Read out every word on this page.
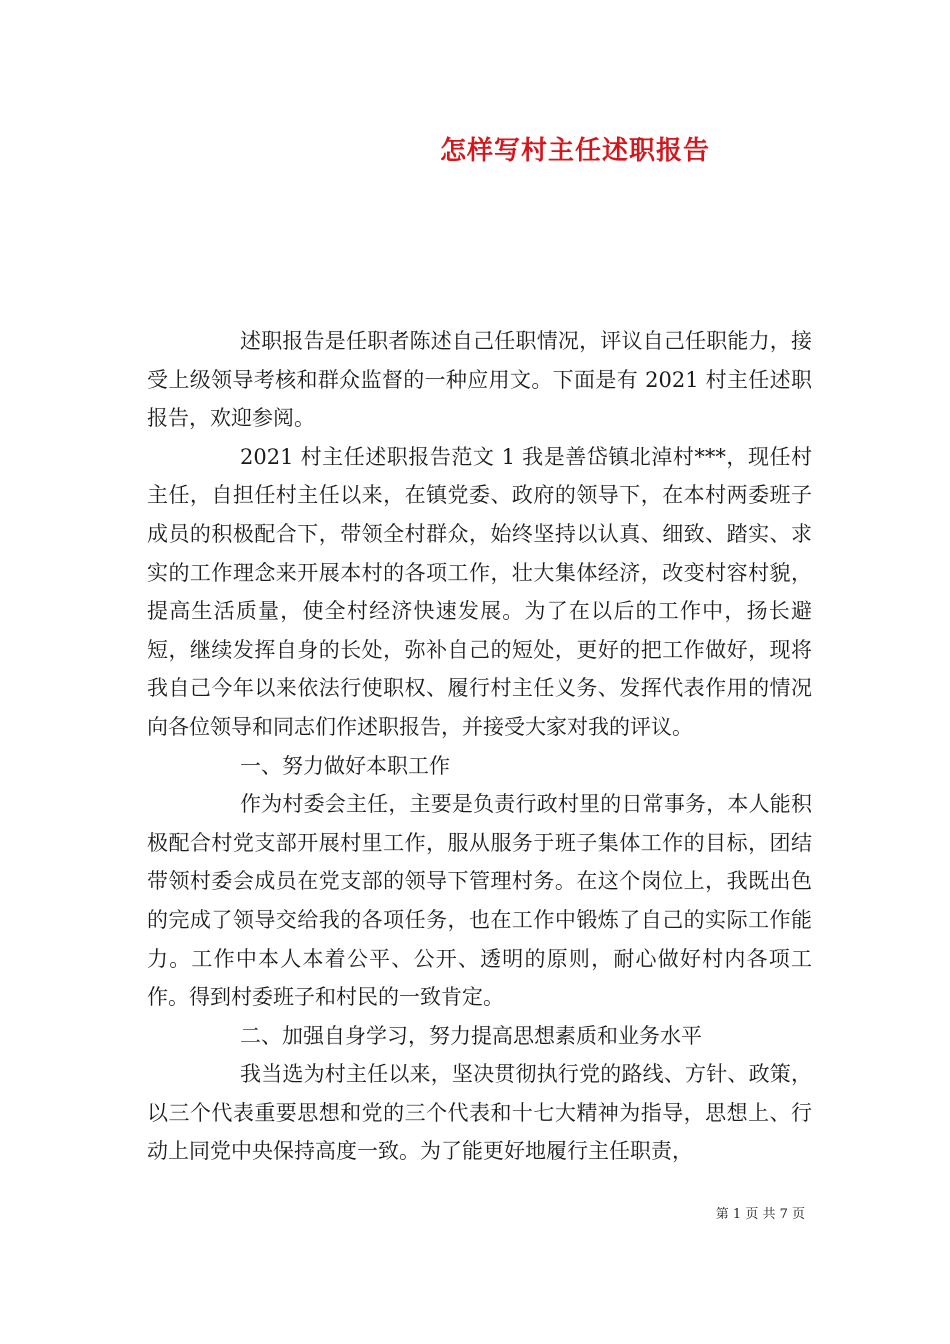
怎样写村主任述职报告

述职报告是任职者陈述自己任职情况，评议自己任职能力，接受上级领导考核和群众监督的一种应用文。下面是有 2021 村主任述职报告，欢迎参阅。

2021 村主任述职报告范文 1 我是善岱镇北淖村***，现任村主任，自担任村主任以来，在镇党委、政府的领导下，在本村两委班子成员的积极配合下，带领全村群众，始终坚持以认真、细致、踏实、求实的工作理念来开展本村的各项工作，壮大集体经济，改变村容村貌，提高生活质量，使全村经济快速发展。为了在以后的工作中，扬长避短，继续发挥自身的长处，弥补自己的短处，更好的把工作做好，现将我自己今年以来依法行使职权、履行村主任义务、发挥代表作用的情况向各位领导和同志们作述职报告，并接受大家对我的评议。

一、努力做好本职工作

作为村委会主任，主要是负责行政村里的日常事务，本人能积极配合村党支部开展村里工作，服从服务于班子集体工作的目标，团结带领村委会成员在党支部的领导下管理村务。在这个岗位上，我既出色的完成了领导交给我的各项任务，也在工作中锻炼了自己的实际工作能力。工作中本人本着公平、公开、透明的原则，耐心做好村内各项工作。得到村委班子和村民的一致肯定。

二、加强自身学习，努力提高思想素质和业务水平

我当选为村主任以来，坚决贯彻执行党的路线、方针、政策，以三个代表重要思想和党的三个代表和十七大精神为指导，思想上、行动上同党中央保持高度一致。为了能更好地履行主任职责，

第 1 页 共 7 页
